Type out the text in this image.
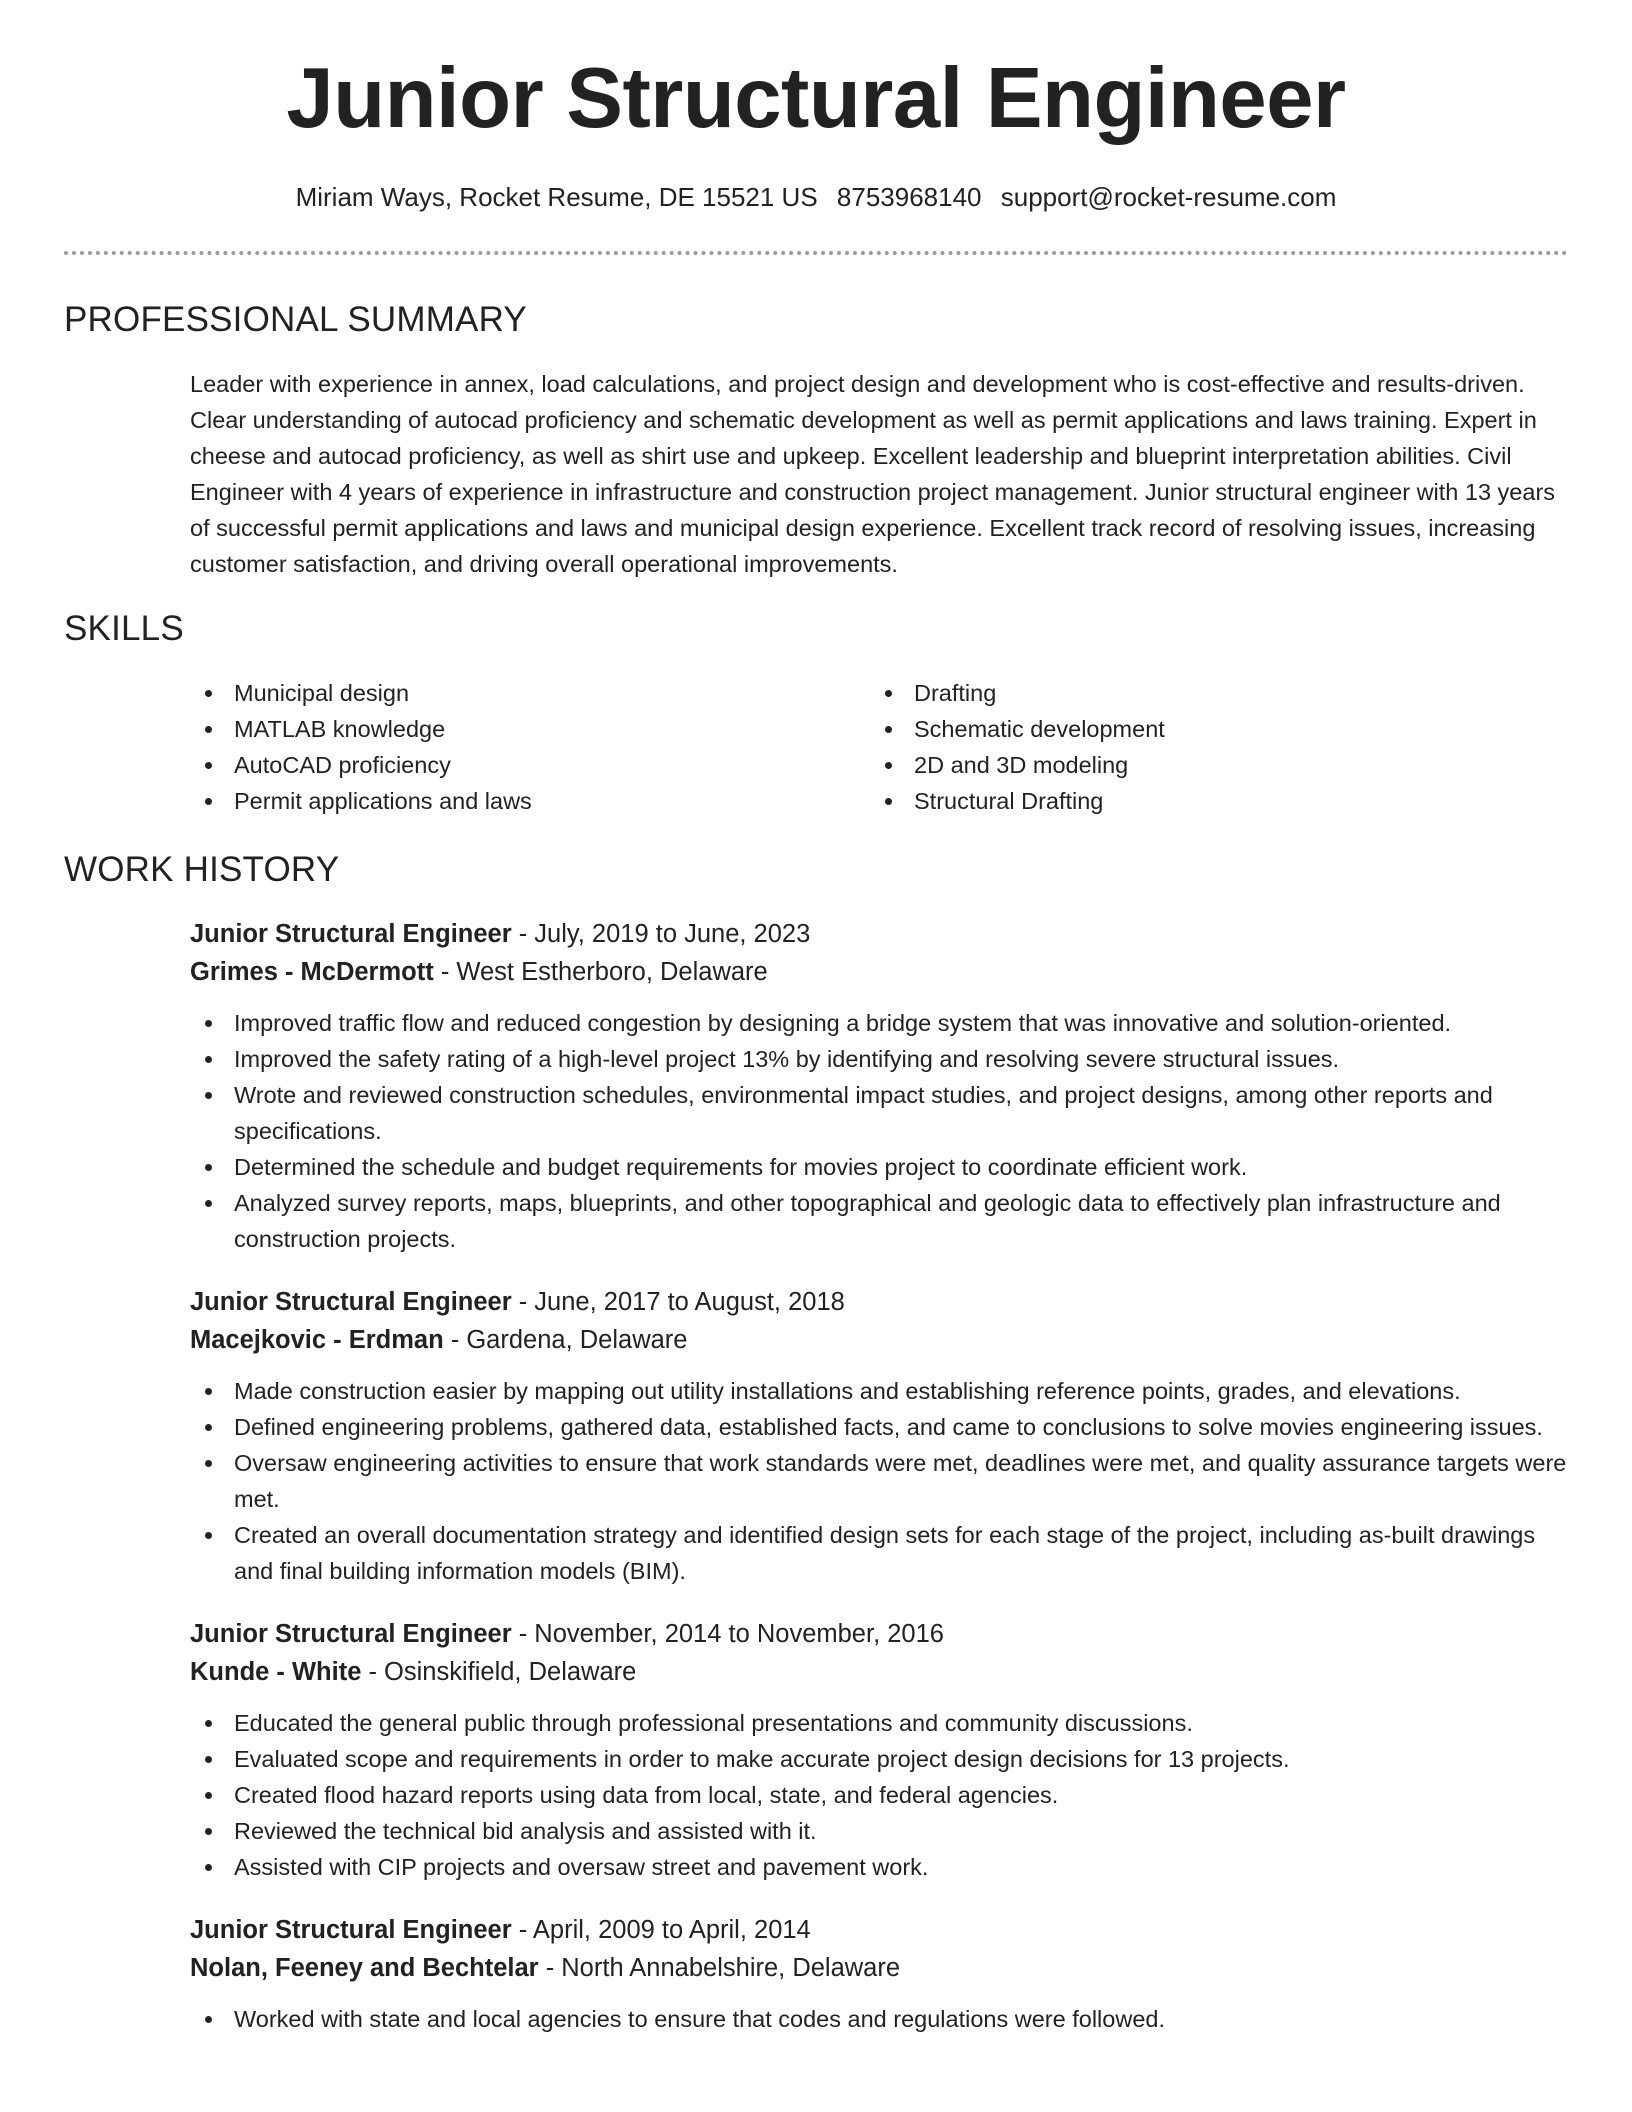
Junior Structural Engineer
Miriam Ways, Rocket Resume, DE 15521 US 8753968140 support@rocket-resume.com
PROFESSIONAL SUMMARY

Leader with experience in annex, load calculations, and project design and development who is cost-effective and results-driven. Clear understanding of autocad proficiency and schematic development as well as permit applications and laws training. Expert in cheese and autocad proficiency, as well as shirt use and upkeep. Excellent leadership and blueprint interpretation abilities. Civil Engineer with 4 years of experience in infrastructure and construction project management. Junior structural engineer with 13 years of successful permit applications and laws and municipal design experience. Excellent track record of resolving issues, increasing customer satisfaction, and driving overall operational improvements.

SKILLS
Municipal design
MATLAB knowledge
AutoCAD proficiency
Permit applications and laws
Drafting
Schematic development
2D and 3D modeling
Structural Drafting
WORK HISTORY
Junior Structural Engineer - July, 2019 to June, 2023
Grimes - McDermott - West Estherboro, Delaware
Improved traffic flow and reduced congestion by designing a bridge system that was innovative and solution-oriented.
Improved the safety rating of a high-level project 13% by identifying and resolving severe structural issues.
Wrote and reviewed construction schedules, environmental impact studies, and project designs, among other reports and specifications.
Determined the schedule and budget requirements for movies project to coordinate efficient work.
Analyzed survey reports, maps, blueprints, and other topographical and geologic data to effectively plan infrastructure and construction projects.
Junior Structural Engineer - June, 2017 to August, 2018
Macejkovic - Erdman - Gardena, Delaware
Made construction easier by mapping out utility installations and establishing reference points, grades, and elevations.
Defined engineering problems, gathered data, established facts, and came to conclusions to solve movies engineering issues.
Oversaw engineering activities to ensure that work standards were met, deadlines were met, and quality assurance targets were met.
Created an overall documentation strategy and identified design sets for each stage of the project, including as-built drawings and final building information models (BIM).
Junior Structural Engineer - November, 2014 to November, 2016
Kunde - White - Osinskifield, Delaware
Educated the general public through professional presentations and community discussions.
Evaluated scope and requirements in order to make accurate project design decisions for 13 projects.
Created flood hazard reports using data from local, state, and federal agencies.
Reviewed the technical bid analysis and assisted with it.
Assisted with CIP projects and oversaw street and pavement work.
Junior Structural Engineer - April, 2009 to April, 2014
Nolan, Feeney and Bechtelar - North Annabelshire, Delaware
Worked with state and local agencies to ensure that codes and regulations were followed.
